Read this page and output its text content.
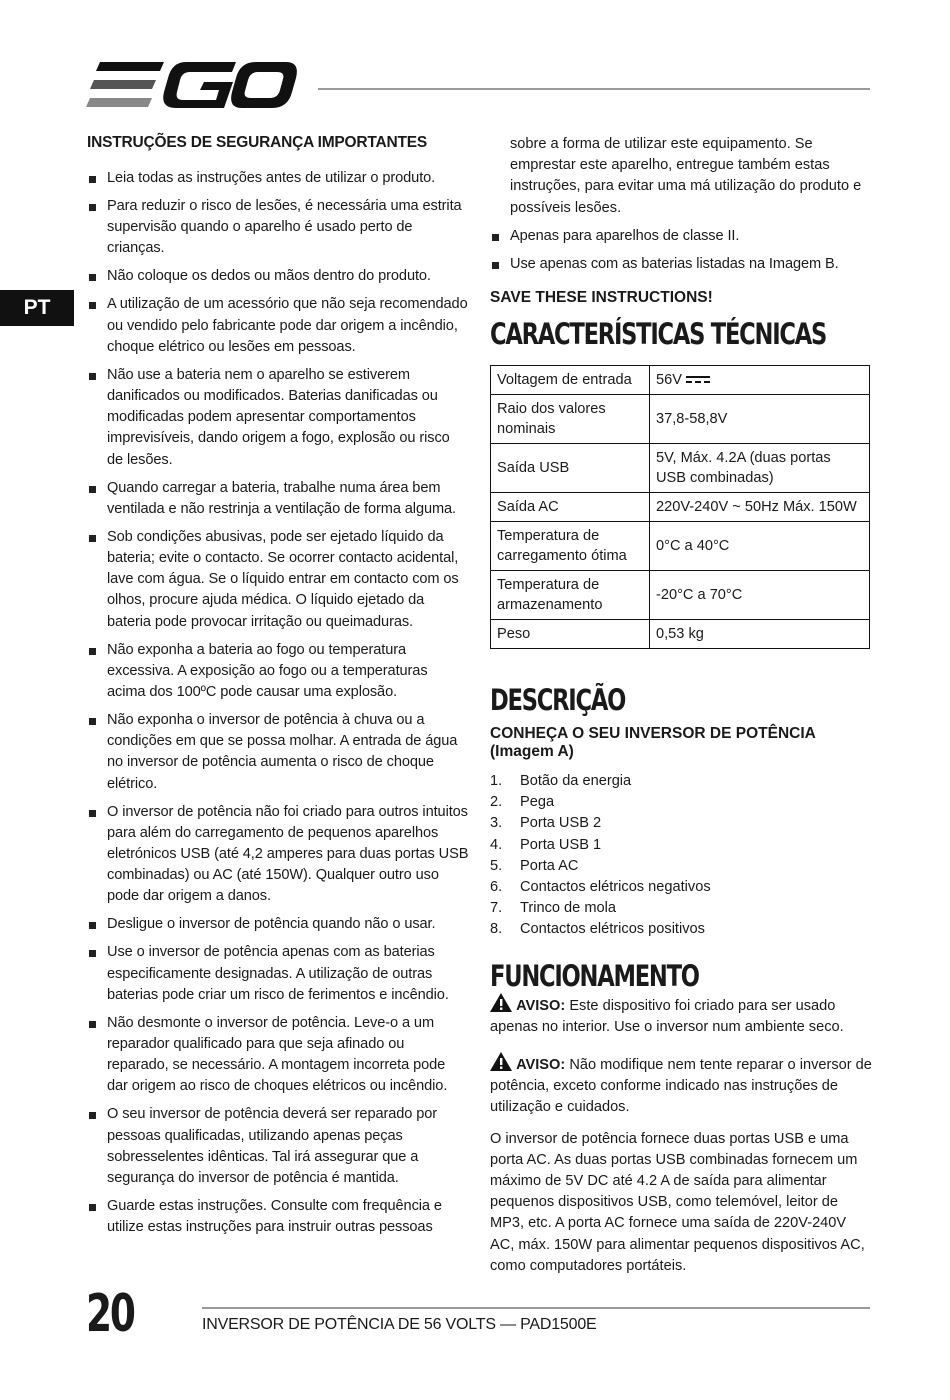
PT
INSTRUÇÕES DE SEGURANÇA IMPORTANTES
Leia todas as instruções antes de utilizar o produto.
Para reduzir o risco de lesões, é necessária uma estrita supervisão quando o aparelho é usado perto de crianças.
Não coloque os dedos ou mãos dentro do produto.
A utilização de um acessório que não seja recomendado ou vendido pelo fabricante pode dar origem a incêndio, choque elétrico ou lesões em pessoas.
Não use a bateria nem o aparelho se estiverem danificados ou modificados. Baterias danificadas ou modificadas podem apresentar comportamentos imprevisíveis, dando origem a fogo, explosão ou risco de lesões.
Quando carregar a bateria, trabalhe numa área bem ventilada e não restrinja a ventilação de forma alguma.
Sob condições abusivas, pode ser ejetado líquido da bateria; evite o contacto. Se ocorrer contacto acidental, lave com água. Se o líquido entrar em contacto com os olhos, procure ajuda médica. O líquido ejetado da bateria pode provocar irritação ou queimaduras.
Não exponha a bateria ao fogo ou temperatura excessiva. A exposição ao fogo ou a temperaturas acima dos 100ºC pode causar uma explosão.
Não exponha o inversor de potência à chuva ou a condições em que se possa molhar. A entrada de água no inversor de potência aumenta o risco de choque elétrico.
O inversor de potência não foi criado para outros intuitos para além do carregamento de pequenos aparelhos eletrónicos USB (até 4,2 amperes para duas portas USB combinadas) ou AC (até 150W). Qualquer outro uso pode dar origem a danos.
Desligue o inversor de potência quando não o usar.
Use o inversor de potência apenas com as baterias especificamente designadas. A utilização de outras baterias pode criar um risco de ferimentos e incêndio.
Não desmonte o inversor de potência. Leve-o a um reparador qualificado para que seja afinado ou reparado, se necessário. A montagem incorreta pode dar origem ao risco de choques elétricos ou incêndio.
O seu inversor de potência deverá ser reparado por pessoas qualificadas, utilizando apenas peças sobresselentes idênticas. Tal irá assegurar que a segurança do inversor de potência é mantida.
Guarde estas instruções. Consulte com frequência e utilize estas instruções para instruir outras pessoas
sobre a forma de utilizar este equipamento. Se emprestar este aparelho, entregue também estas instruções, para evitar uma má utilização do produto e possíveis lesões.
Apenas para aparelhos de classe II.
Use apenas com as baterias listadas na Imagem B.
SAVE THESE INSTRUCTIONS!
CARACTERÍSTICAS TÉCNICAS
Voltagem de entrada	56V
Raio dos valores nominais	37,8-58,8V
Saída USB	5V, Máx. 4.2A (duas portas USB combinadas)
Saída AC	220V-240V ~ 50Hz Máx. 150W
Temperatura de carregamento ótima	0°C a 40°C
Temperatura de armazenamento	-20°C a 70°C
Peso	0,53 kg
DESCRIÇÃO
CONHEÇA O SEU INVERSOR DE POTÊNCIA (Imagem A)
1.	Botão da energia
2.	Pega
3.	Porta USB 2
4.	Porta USB 1
5.	Porta AC
6.	Contactos elétricos negativos
7.	Trinco de mola
8.	Contactos elétricos positivos
FUNCIONAMENTO

AVISO: Este dispositivo foi criado para ser usado apenas no interior. Use o inversor num ambiente seco.

AVISO: Não modifique nem tente reparar o inversor de potência, exceto conforme indicado nas instruções de utilização e cuidados.

O inversor de potência fornece duas portas USB e uma porta AC. As duas portas USB combinadas fornecem um máximo de 5V DC até 4.2 A de saída para alimentar pequenos dispositivos USB, como telemóvel, leitor de MP3, etc. A porta AC fornece uma saída de 220V-240V AC, máx. 150W para alimentar pequenos dispositivos AC, como computadores portáteis.

20	INVERSOR DE POTÊNCIA DE 56 VOLTS — PAD1500E
